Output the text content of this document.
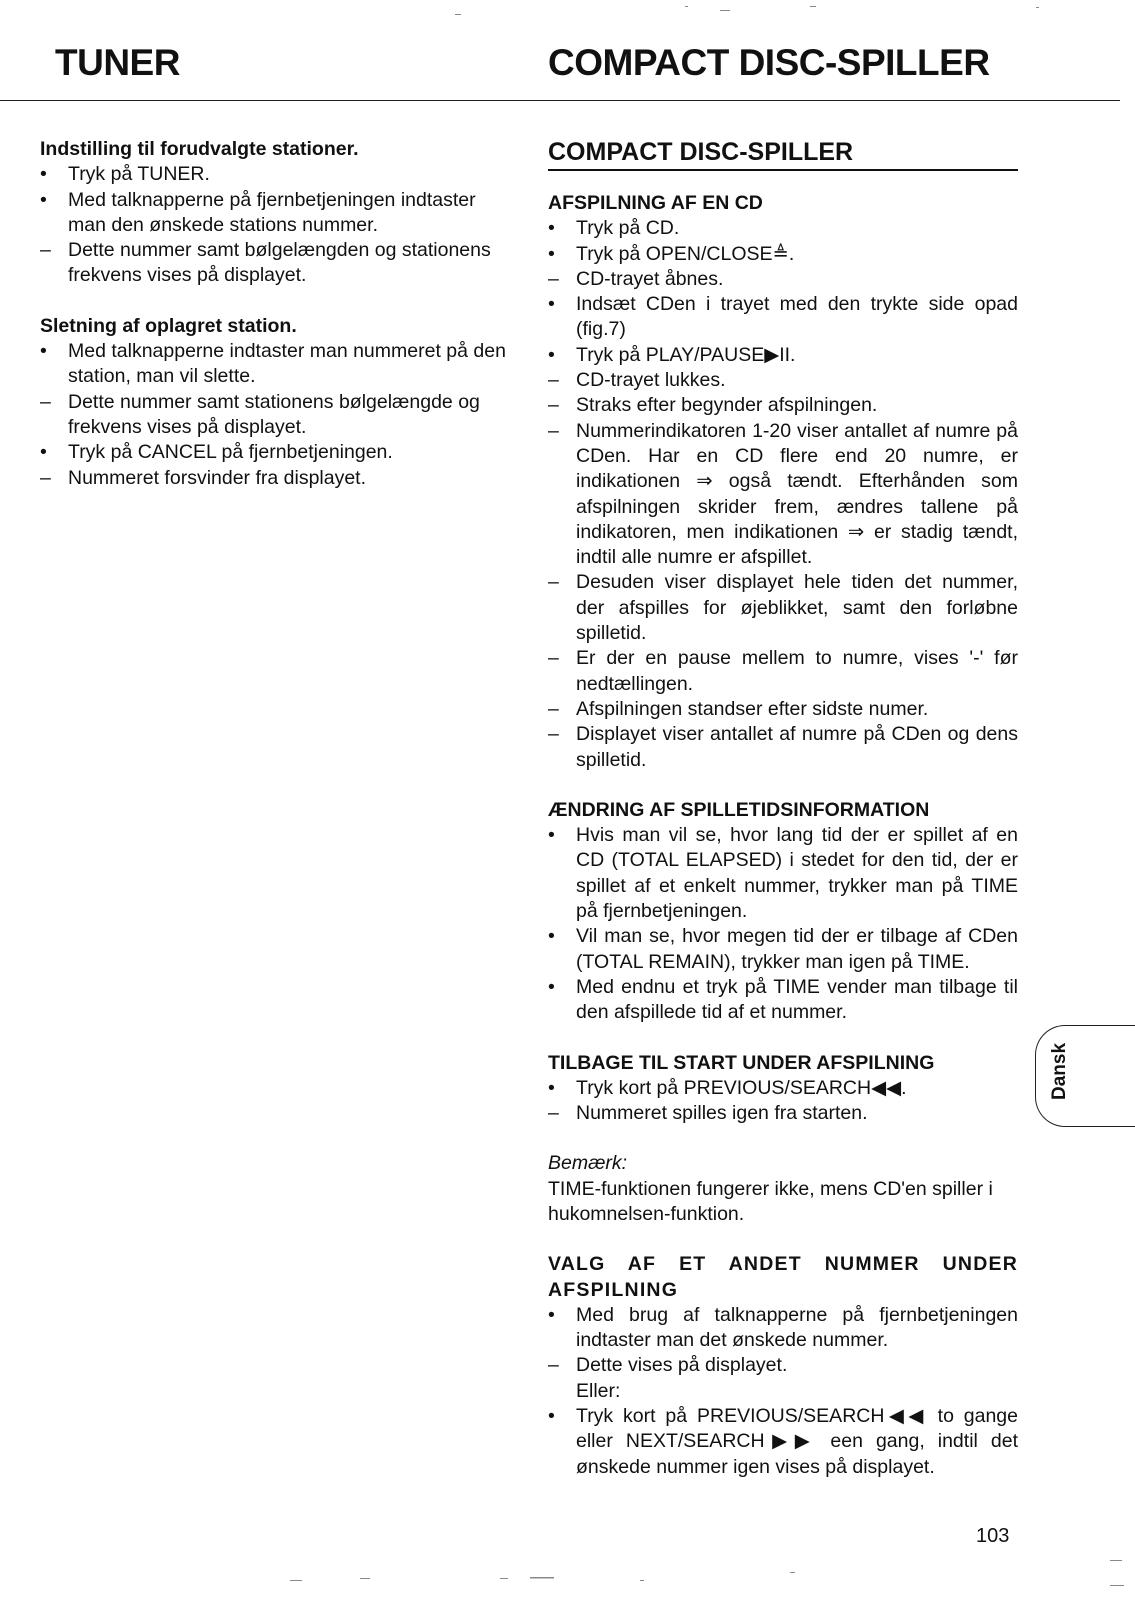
TUNER	COMPACT DISC-SPILLER
Indstilling til forudvalgte stationer.
•	Tryk på TUNER.
•	Med talknapperne på fjernbetjeningen indtaster man den ønskede stations nummer.
– Dette nummer samt bølgelængden og stationens frekvens vises på displayet.
Sletning af oplagret station.
•	Med talknapperne indtaster man nummeret på den station, man vil slette.
– Dette nummer samt stationens bølgelængde og frekvens vises på displayet.
•	Tryk på CANCEL på fjernbetjeningen.
– Nummeret forsvinder fra displayet.
COMPACT DISC-SPILLER
AFSPILNING AF EN CD
•	Tryk på CD.
•	Tryk på OPEN/CLOSE≜.
– CD-trayet åbnes.
•	Indsæt CDen i trayet med den trykte side opad (fig.7)
•	Tryk på PLAY/PAUSE▶II.
– CD-trayet lukkes.
– Straks efter begynder afspilningen.
– Nummerindikatoren 1-20 viser antallet af numre på CDen. Har en CD flere end 20 numre, er indikationen ⇒ også tændt. Efterhånden som afspilningen skrider frem, ændres tallene på indikatoren, men indikationen ⇒ er stadig tændt, indtil alle numre er afspillet.
– Desuden viser displayet hele tiden det nummer, der afspilles for øjeblikket, samt den forløbne spilletid.
– Er der en pause mellem to numre, vises '-' før nedtællingen.
– Afspilningen standser efter sidste numer.
– Displayet viser antallet af numre på CDen og dens spilletid.
ÆNDRING AF SPILLETIDSINFORMATION
•	Hvis man vil se, hvor lang tid der er spillet af en CD (TOTAL ELAPSED) i stedet for den tid, der er spillet af et enkelt nummer, trykker man på TIME på fjernbetjeningen.
•	Vil man se, hvor megen tid der er tilbage af CDen (TOTAL REMAIN), trykker man igen på TIME.
•	Med endnu et tryk på TIME vender man tilbage til den afspillede tid af et nummer.
TILBAGE TIL START UNDER AFSPILNING
•	Tryk kort på PREVIOUS/SEARCH◀◀.
– Nummeret spilles igen fra starten.
Bemærk:
TIME-funktionen fungerer ikke, mens CD'en spiller i hukomnelsen-funktion.
VALG AF ET ANDET NUMMER UNDER AFSPILNING
•	Med brug af talknapperne på fjernbetjeningen indtaster man det ønskede nummer.
– Dette vises på displayet.
Eller:
•	Tryk kort på PREVIOUS/SEARCH◀◀ to gange eller NEXT/SEARCH▶▶ een gang, indtil det ønskede nummer igen vises på displayet.
Dansk
103
